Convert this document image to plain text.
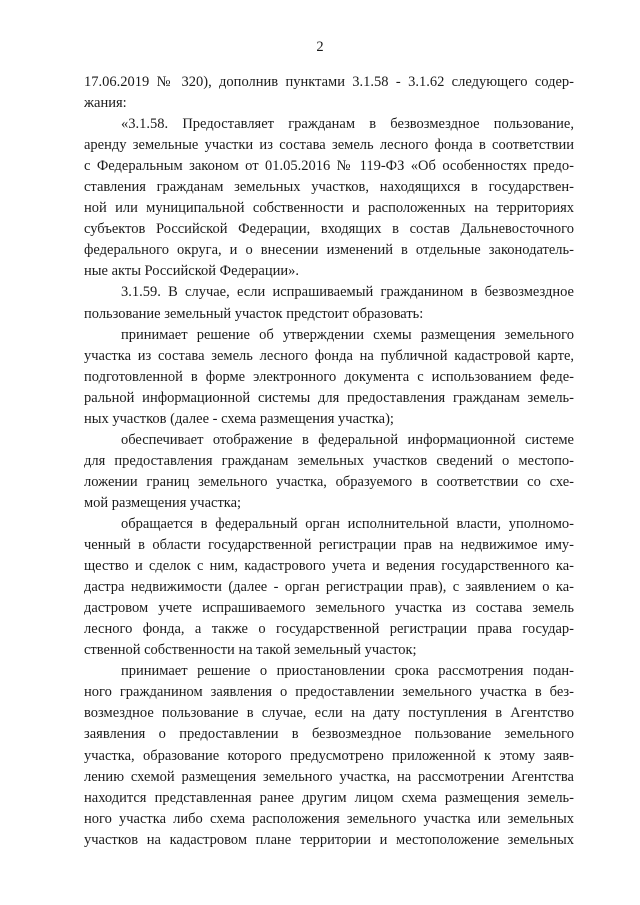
2
17.06.2019 № 320), дополнив пунктами 3.1.58 - 3.1.62 следующего содер-
жания:
«3.1.58. Предоставляет гражданам в безвозмездное пользование,
аренду земельные участки из состава земель лесного фонда в соответствии
с Федеральным законом от 01.05.2016 № 119-ФЗ «Об особенностях предо-
ставления гражданам земельных участков, находящихся в государствен-
ной или муниципальной собственности и расположенных на территориях
субъектов Российской Федерации, входящих в состав Дальневосточного
федерального округа, и о внесении изменений в отдельные законодатель-
ные акты Российской Федерации».
3.1.59. В случае, если испрашиваемый гражданином в безвозмездное
пользование земельный участок предстоит образовать:
принимает решение об утверждении схемы размещения земельного
участка из состава земель лесного фонда на публичной кадастровой карте,
подготовленной в форме электронного документа с использованием феде-
ральной информационной системы для предоставления гражданам земель-
ных участков (далее - схема размещения участка);
обеспечивает отображение в федеральной информационной системе
для предоставления гражданам земельных участков сведений о местопо-
ложении границ земельного участка, образуемого в соответствии со схе-
мой размещения участка;
обращается в федеральный орган исполнительной власти, уполномо-
ченный в области государственной регистрации прав на недвижимое иму-
щество и сделок с ним, кадастрового учета и ведения государственного ка-
дастра недвижимости (далее - орган регистрации прав), с заявлением о ка-
дастровом учете испрашиваемого земельного участка из состава земель
лесного фонда, а также о государственной регистрации права государ-
ственной собственности на такой земельный участок;
принимает решение о приостановлении срока рассмотрения подан-
ного гражданином заявления о предоставлении земельного участка в без-
возмездное пользование в случае, если на дату поступления в Агентство
заявления о предоставлении в безвозмездное пользование земельного
участка, образование которого предусмотрено приложенной к этому заяв-
лению схемой размещения земельного участка, на рассмотрении Агентства
находится представленная ранее другим лицом схема размещения земель-
ного участка либо схема расположения земельного участка или земельных
участков на кадастровом плане территории и местоположение земельных
